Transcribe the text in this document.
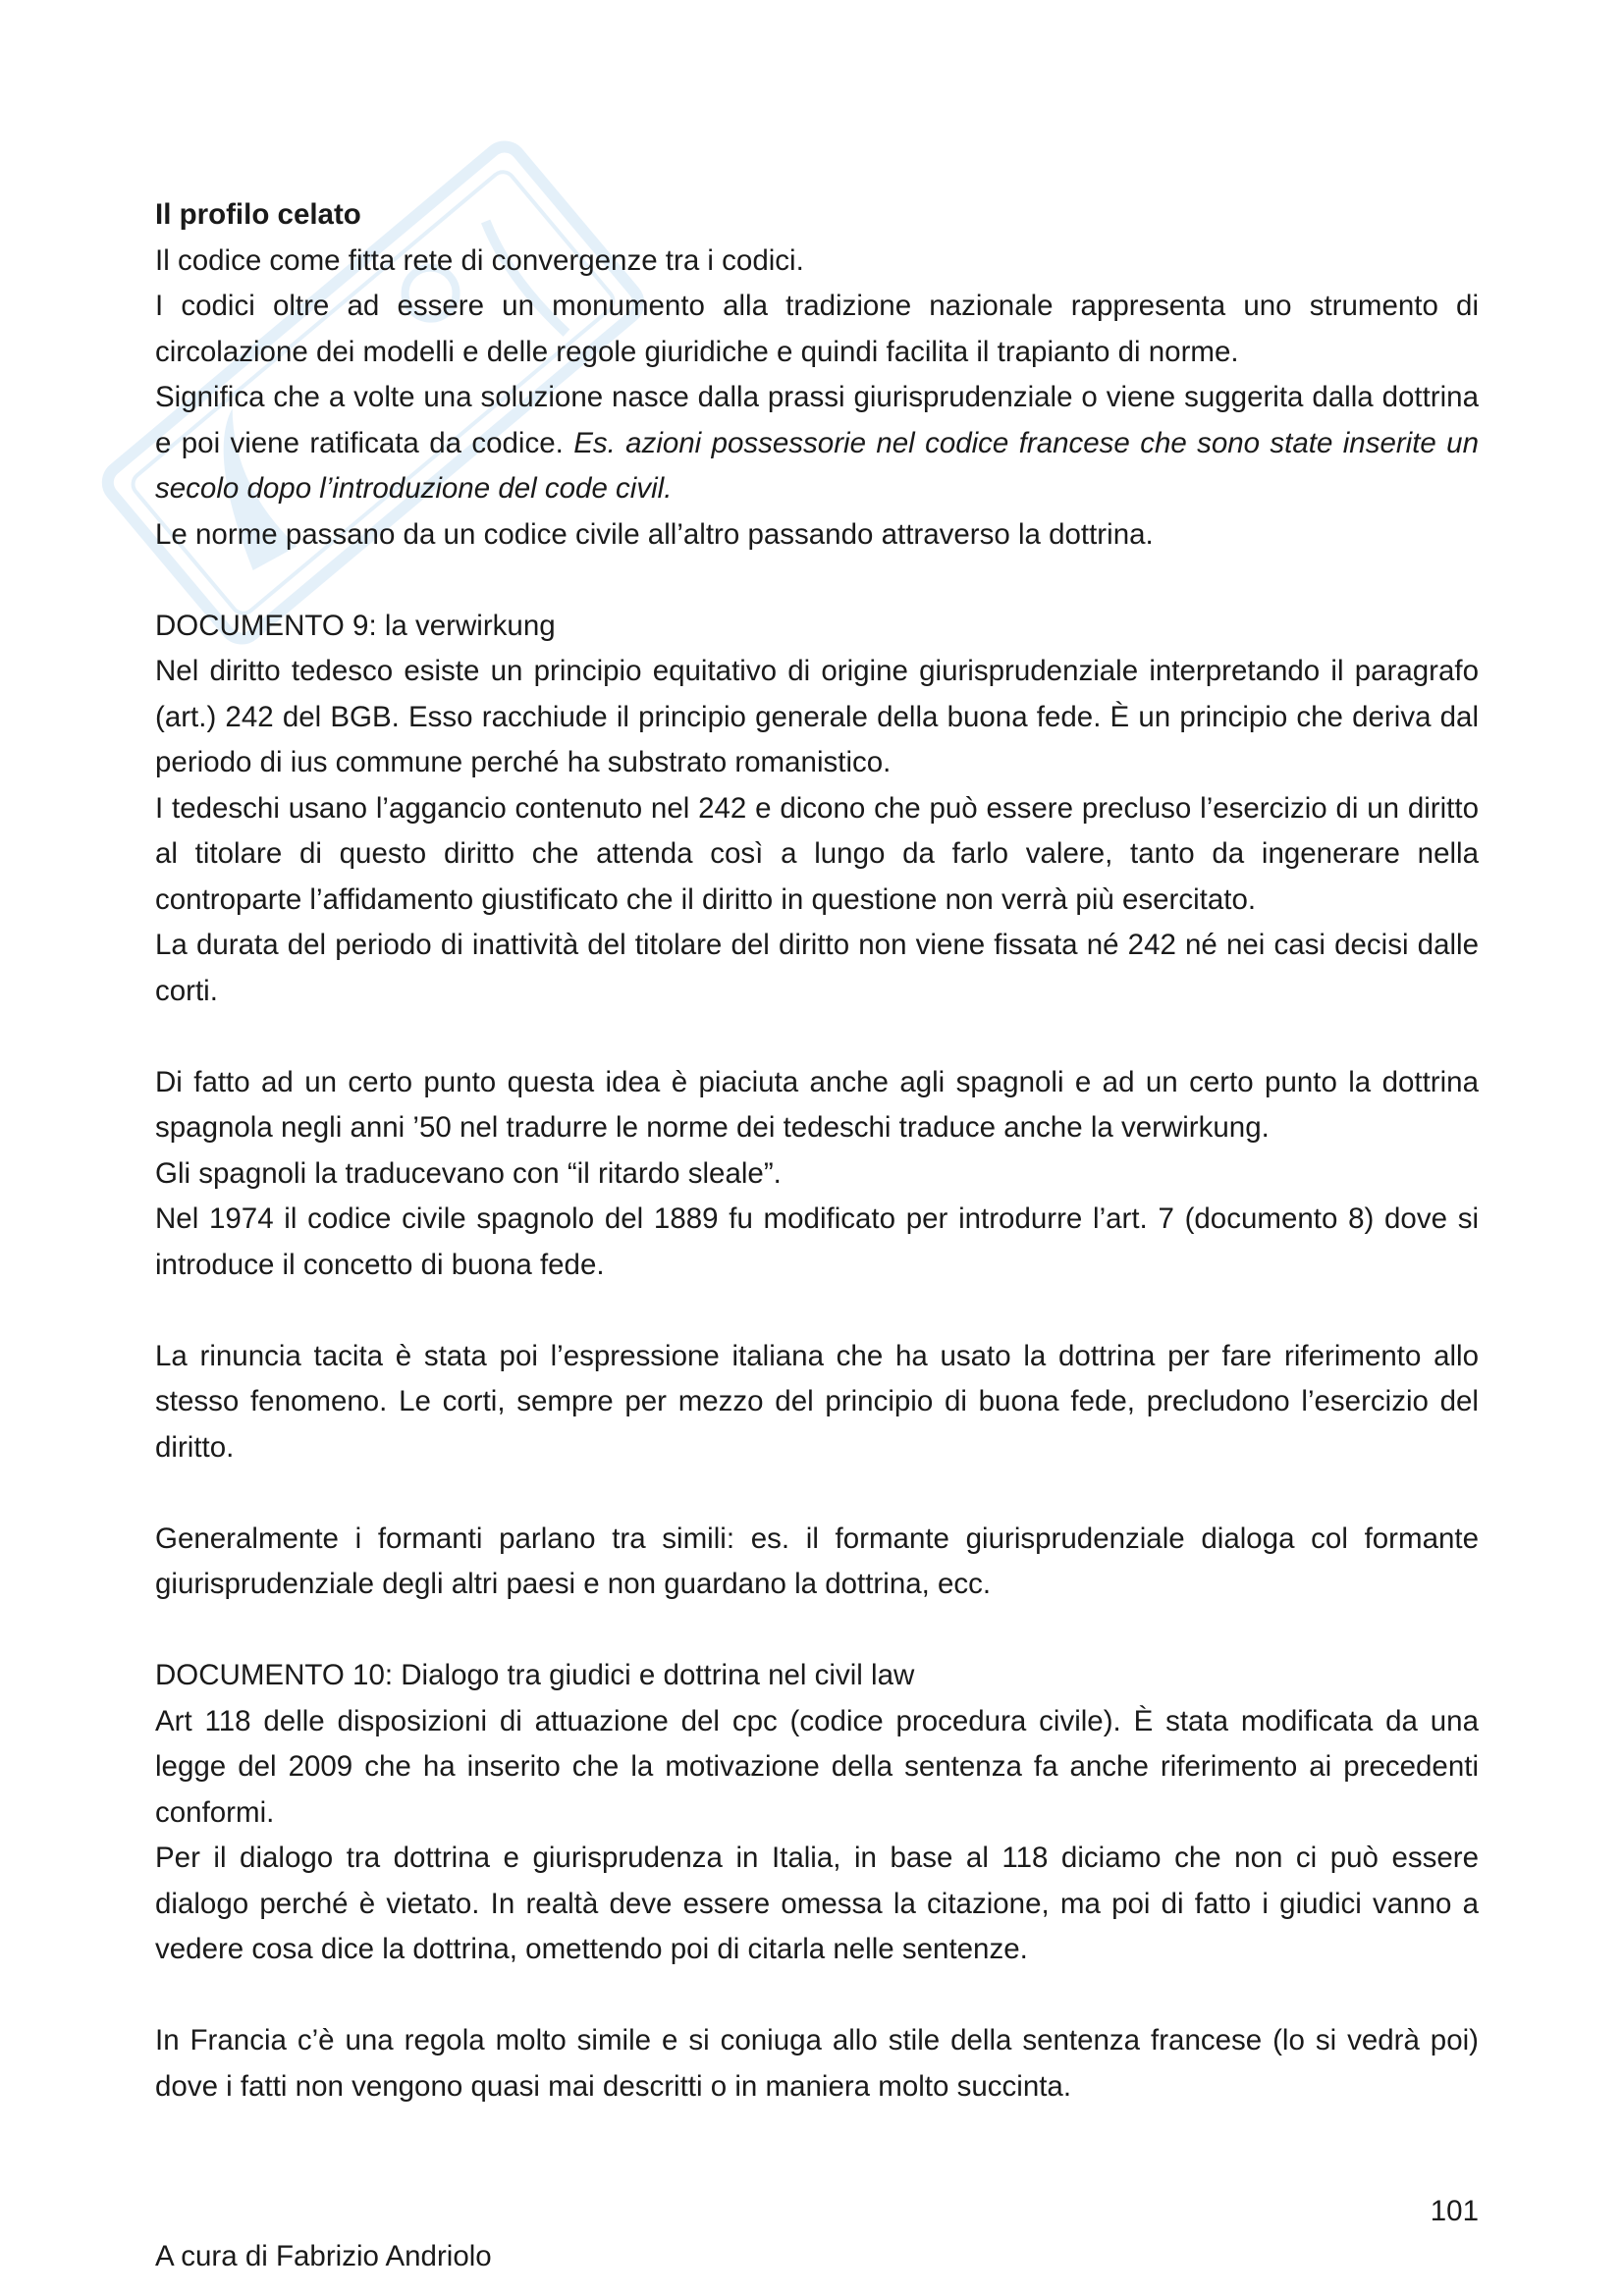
Il profilo celato

Il codice come fitta rete di convergenze tra i codici.

I codici oltre ad essere un monumento alla tradizione nazionale rappresenta uno strumento di circolazione dei modelli e delle regole giuridiche e quindi facilita il trapianto di norme.

Significa che a volte una soluzione nasce dalla prassi giurisprudenziale o viene suggerita dalla dottrina e poi viene ratificata da codice. Es. azioni possessorie nel codice francese che sono state inserite un secolo dopo l’introduzione del code civil.

Le norme passano da un codice civile all’altro passando attraverso la dottrina.

DOCUMENTO 9: la verwirkung

Nel diritto tedesco esiste un principio equitativo di origine giurisprudenziale interpretando il paragrafo (art.) 242 del BGB. Esso racchiude il principio generale della buona fede. È un principio che deriva dal periodo di ius commune perché ha substrato romanistico.

I tedeschi usano l’aggancio contenuto nel 242 e dicono che può essere precluso l’esercizio di un diritto al titolare di questo diritto che attenda così a lungo da farlo valere, tanto da ingenerare nella controparte l’affidamento giustificato che il diritto in questione non verrà più esercitato.

La durata del periodo di inattività del titolare del diritto non viene fissata né 242 né nei casi decisi dalle corti.

Di fatto ad un certo punto questa idea è piaciuta anche agli spagnoli e ad un certo punto la dottrina spagnola negli anni ’50 nel tradurre le norme dei tedeschi traduce anche la verwirkung.

Gli spagnoli la traducevano con “il ritardo sleale”.

Nel 1974 il codice civile spagnolo del 1889 fu modificato per introdurre l’art. 7 (documento 8) dove si introduce il concetto di buona fede.

La rinuncia tacita è stata poi l’espressione italiana che ha usato la dottrina per fare riferimento allo stesso fenomeno. Le corti, sempre per mezzo del principio di buona fede, precludono l’esercizio del diritto.

Generalmente i formanti parlano tra simili: es. il formante giurisprudenziale dialoga col formante giurisprudenziale degli altri paesi e non guardano la dottrina, ecc.

DOCUMENTO 10: Dialogo tra giudici e dottrina nel civil law

Art 118 delle disposizioni di attuazione del cpc (codice procedura civile). È stata modificata da una legge del 2009 che ha inserito che la motivazione della sentenza fa anche riferimento ai precedenti conformi.

Per il dialogo tra dottrina e giurisprudenza in Italia, in base al 118 diciamo che non ci può essere dialogo perché è vietato. In realtà deve essere omessa la citazione, ma poi di fatto i giudici vanno a vedere cosa dice la dottrina, omettendo poi di citarla nelle sentenze.

In Francia c’è una regola molto simile e si coniuga allo stile della sentenza francese (lo si vedrà poi) dove i fatti non vengono quasi mai descritti o in maniera molto succinta.

101
A cura di Fabrizio Andriolo
